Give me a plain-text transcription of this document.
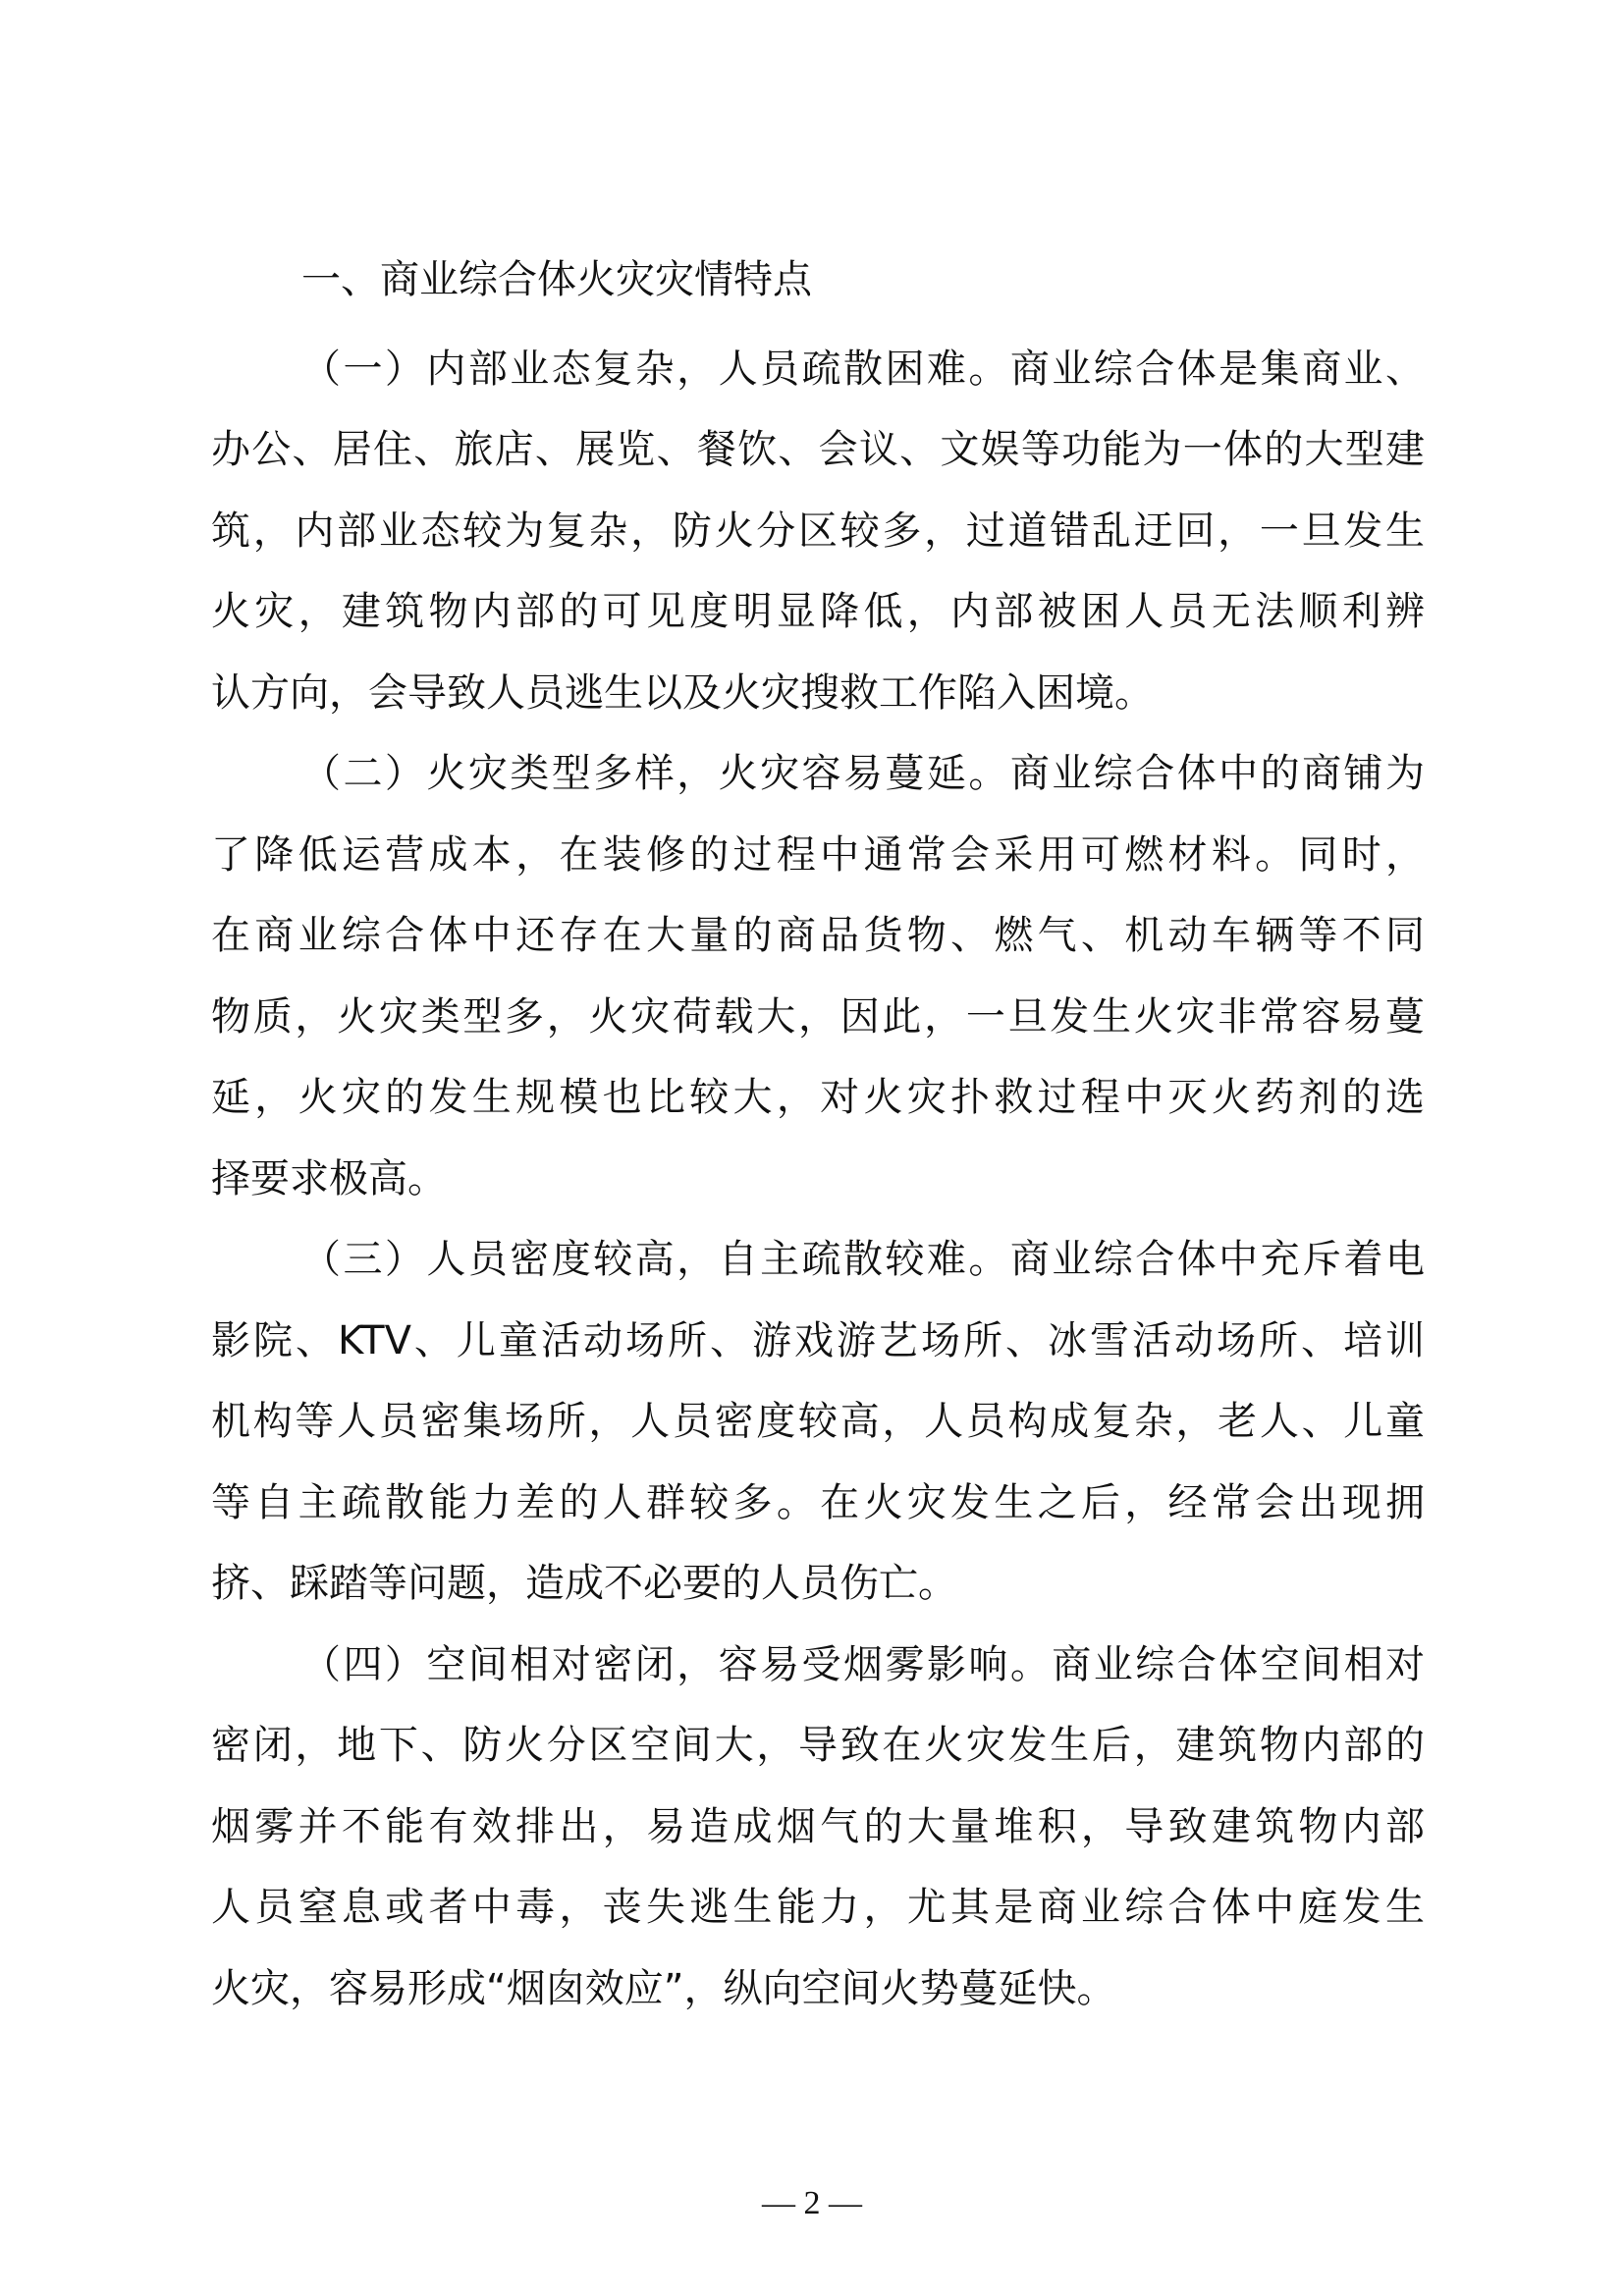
一、商业综合体火灾灾情特点
（一）内部业态复杂，人员疏散困难。商业综合体是集商业、
办公、居住、旅店、展览、餐饮、会议、文娱等功能为一体的大型建
筑，内部业态较为复杂，防火分区较多，过道错乱迂回，一旦发生
火灾，建筑物内部的可见度明显降低，内部被困人员无法顺利辨
认方向，会导致人员逃生以及火灾搜救工作陷入困境。
（二）火灾类型多样，火灾容易蔓延。商业综合体中的商铺为
了降低运营成本，在装修的过程中通常会采用可燃材料。同时，
在商业综合体中还存在大量的商品货物、燃气、机动车辆等不同
物质，火灾类型多，火灾荷载大，因此，一旦发生火灾非常容易蔓
延，火灾的发生规模也比较大，对火灾扑救过程中灭火药剂的选
择要求极高。
（三）人员密度较高，自主疏散较难。商业综合体中充斥着电
影院、KTV、儿童活动场所、游戏游艺场所、冰雪活动场所、培训
机构等人员密集场所，人员密度较高，人员构成复杂，老人、儿童
等自主疏散能力差的人群较多。在火灾发生之后，经常会出现拥
挤、踩踏等问题，造成不必要的人员伤亡。
（四）空间相对密闭，容易受烟雾影响。商业综合体空间相对
密闭，地下、防火分区空间大，导致在火灾发生后，建筑物内部的
烟雾并不能有效排出，易造成烟气的大量堆积，导致建筑物内部
人员窒息或者中毒，丧失逃生能力，尤其是商业综合体中庭发生
火灾，容易形成“烟囱效应”，纵向空间火势蔓延快。
— 2 —
